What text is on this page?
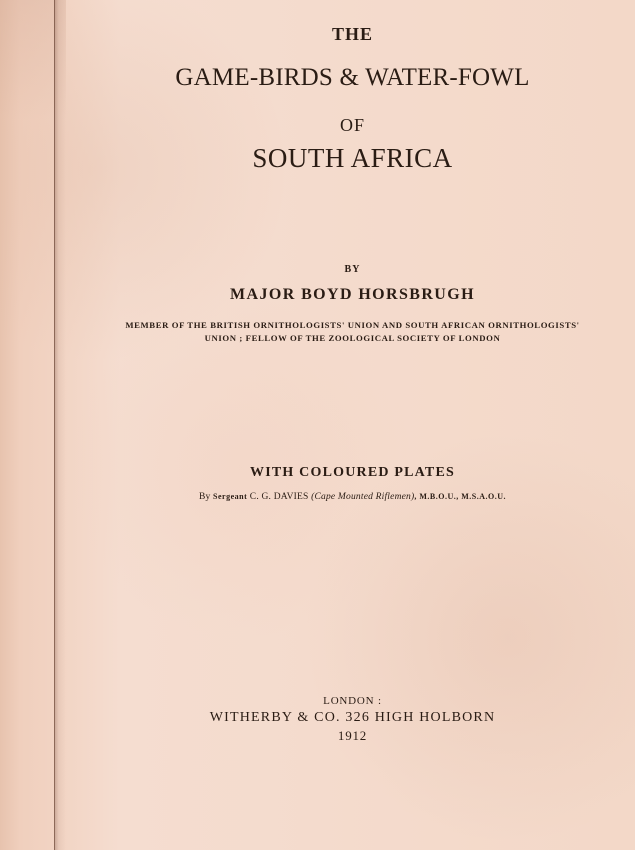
THE
GAME-BIRDS & WATER-FOWL
OF
SOUTH AFRICA
BY
MAJOR BOYD HORSBRUGH
MEMBER OF THE BRITISH ORNITHOLOGISTS' UNION AND SOUTH AFRICAN ORNITHOLOGISTS'
UNION ; FELLOW OF THE ZOOLOGICAL SOCIETY OF LONDON
WITH COLOURED PLATES
By Sergeant C. G. DAVIES (Cape Mounted Riflemen), M.B.O.U., M.S.A.O.U.
LONDON :
WITHERBY & CO. 326 HIGH HOLBORN
1912
